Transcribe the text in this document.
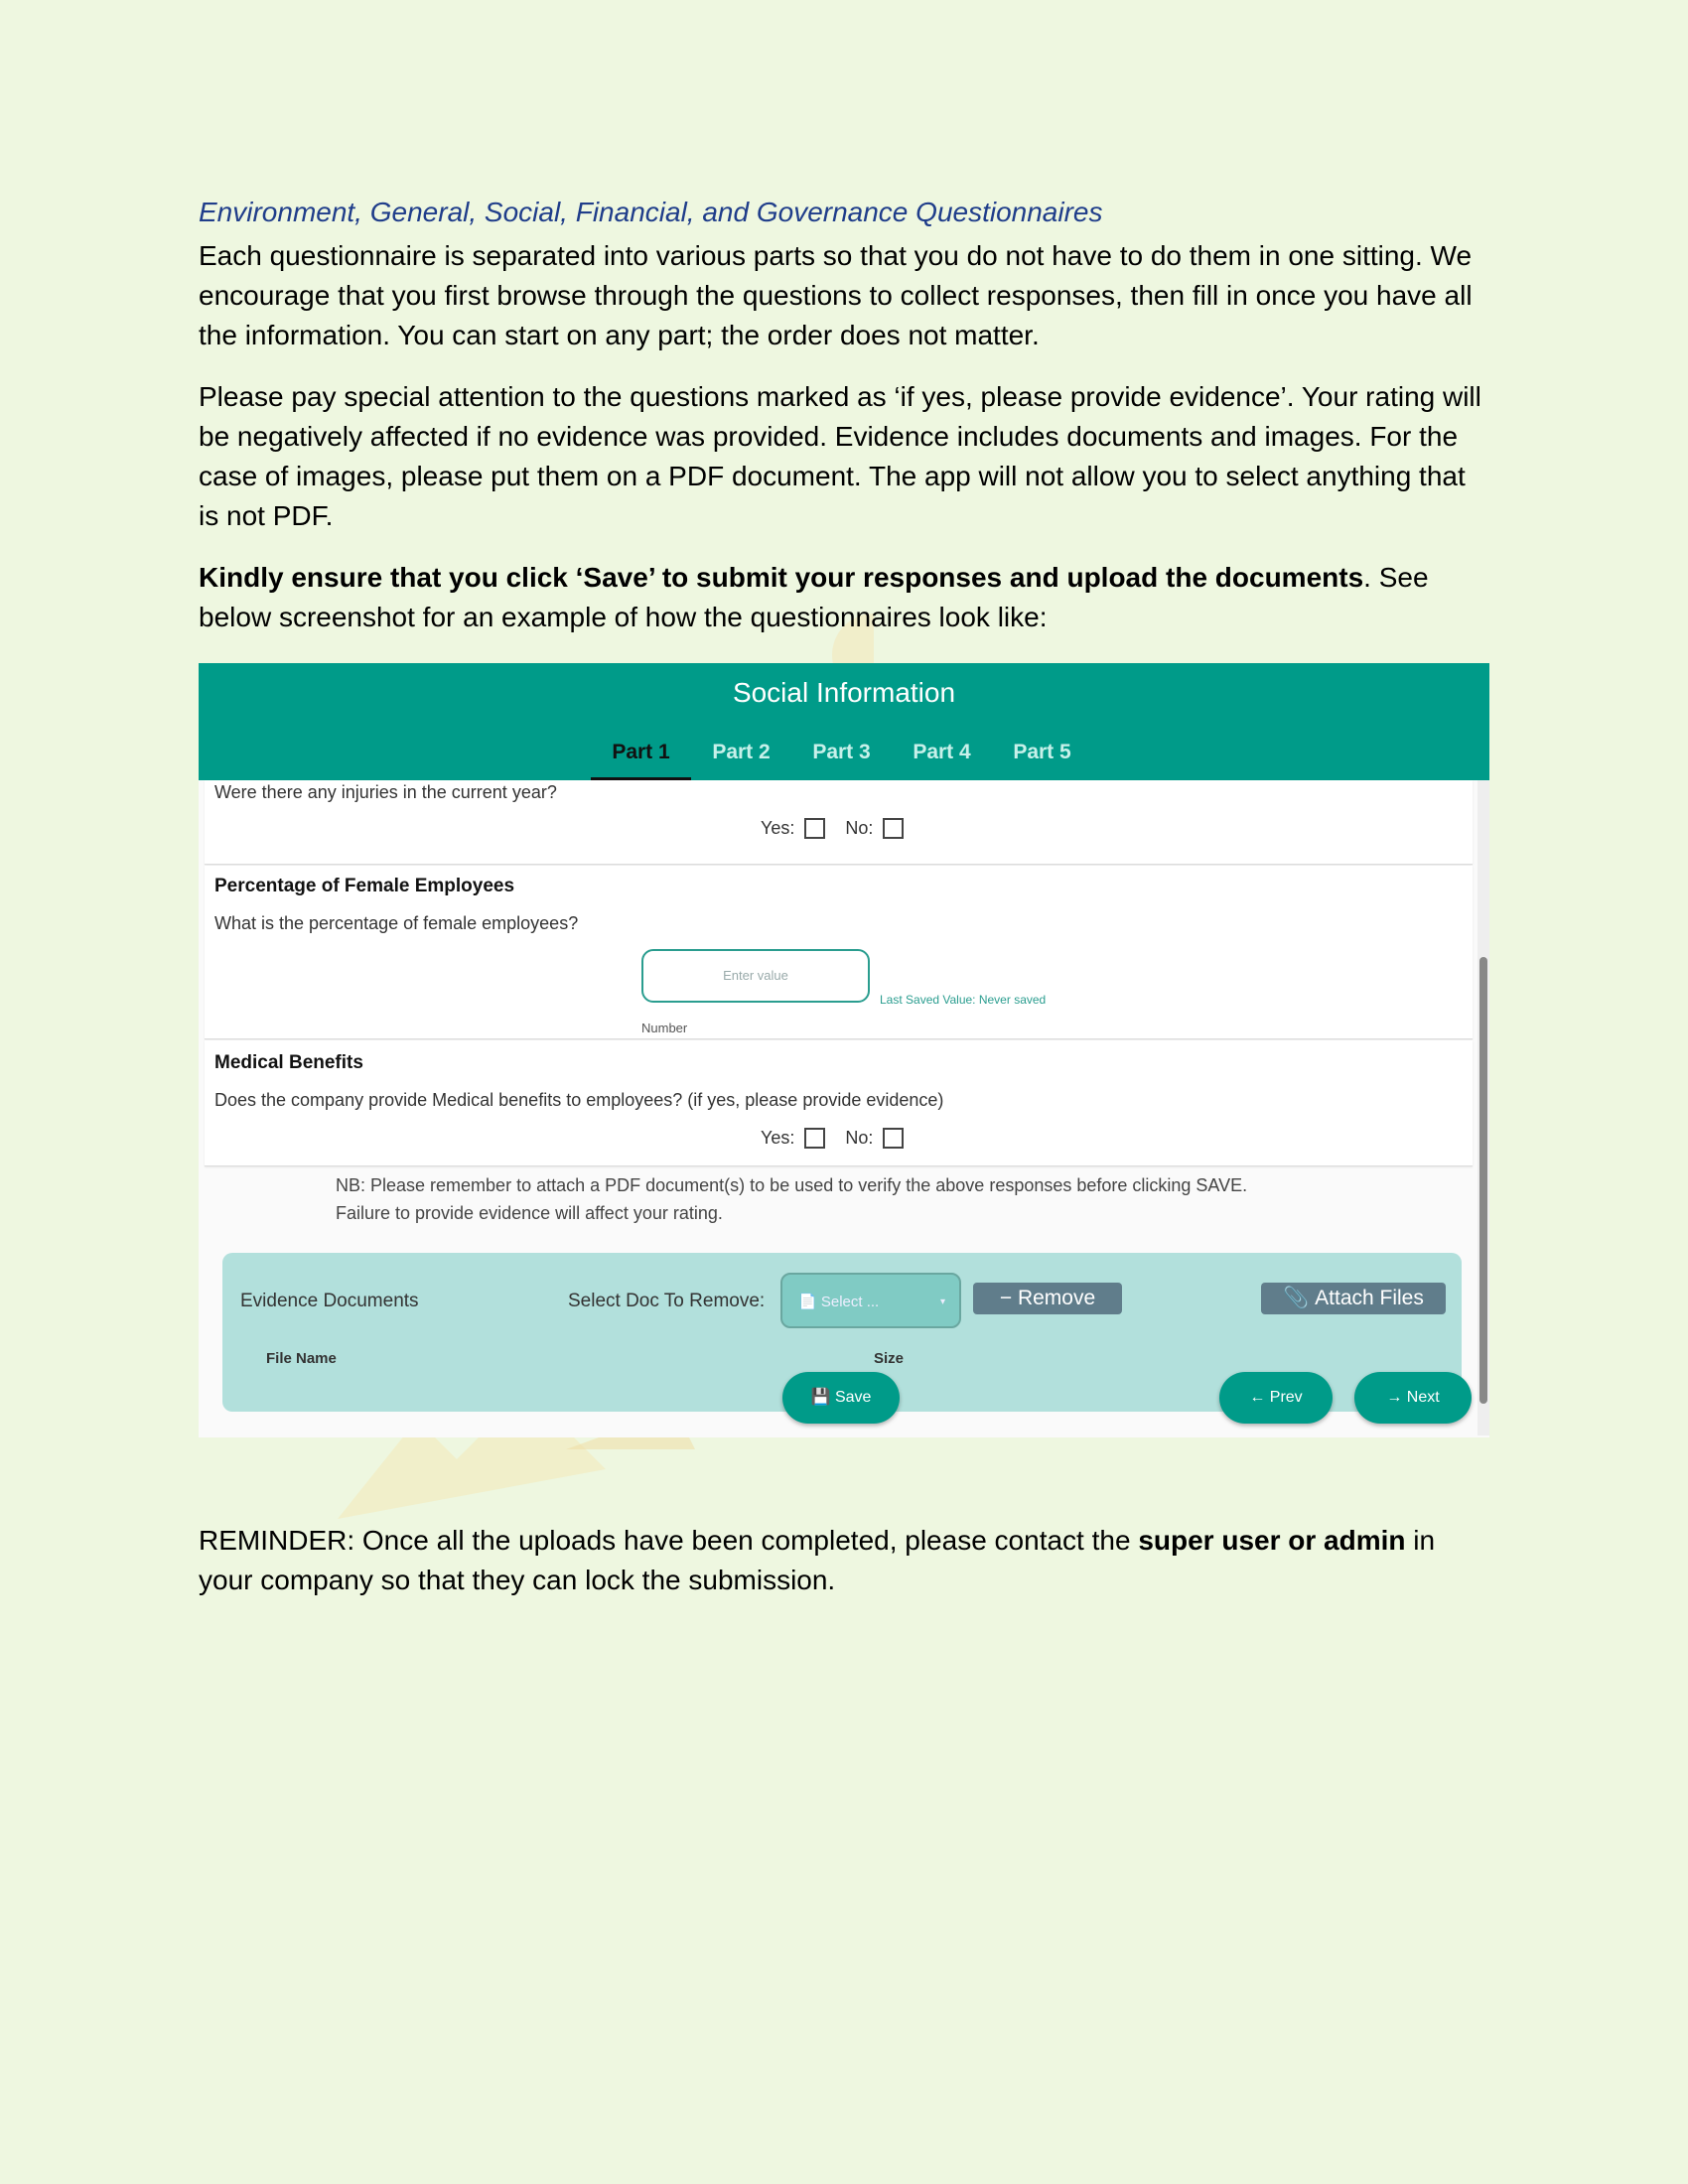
Environment, General, Social, Financial, and Governance Questionnaires

Each questionnaire is separated into various parts so that you do not have to do them in one sitting. We encourage that you first browse through the questions to collect responses, then fill in once you have all the information. You can start on any part; the order does not matter.

Please pay special attention to the questions marked as ‘if yes, please provide evidence’. Your rating will be negatively affected if no evidence was provided. Evidence includes documents and images. For the case of images, please put them on a PDF document. The app will not allow you to select anything that is not PDF.

Kindly ensure that you click ‘Save’ to submit your responses and upload the documents. See below screenshot for an example of how the questionnaires look like:

Social Information
Part 1	Part 2	Part 3	Part 4	Part 5
Were there any injuries in the current year?
Yes:	No:
Percentage of Female Employees
What is the percentage of female employees?
Enter value
Last Saved Value: Never saved
Number
Medical Benefits
Does the company provide Medical benefits to employees? (if yes, please provide evidence)
Yes:	No:
NB: Please remember to attach a PDF document(s) to be used to verify the above responses before clicking SAVE.
Failure to provide evidence will affect your rating.
Evidence Documents	Select Doc To Remove:	📄 Select ...	▾	− Remove	📎 Attach Files
File Name	Size
💾 Save	← Prev	→ Next

REMINDER: Once all the uploads have been completed, please contact the super user or admin in your company so that they can lock the submission.
